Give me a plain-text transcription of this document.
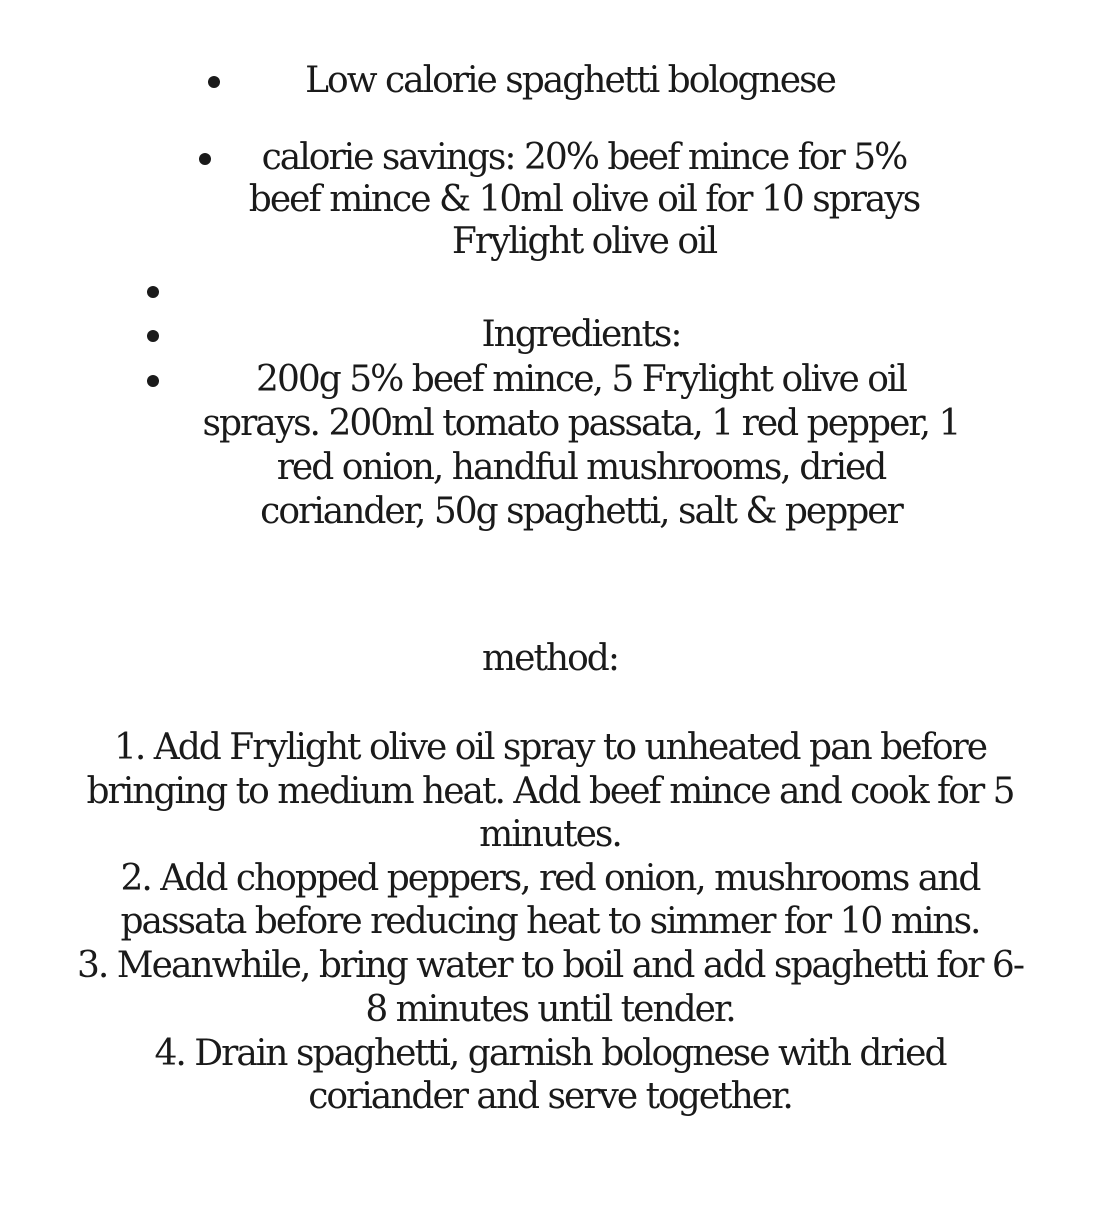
Low calorie spaghetti bolognese
calorie savings: 20% beef mince for 5%
beef mince & 10ml olive oil for 10 sprays
Frylight olive oil
Ingredients:
200g 5% beef mince, 5 Frylight olive oil
sprays. 200ml tomato passata, 1 red pepper, 1
red onion, handful mushrooms, dried
coriander, 50g spaghetti, salt & pepper
method:
1. Add Frylight olive oil spray to unheated pan before
bringing to medium heat. Add beef mince and cook for 5
minutes.
2. Add chopped peppers, red onion, mushrooms and
passata before reducing heat to simmer for 10 mins.
3. Meanwhile, bring water to boil and add spaghetti for 6-
8 minutes until tender.
4. Drain spaghetti, garnish bolognese with dried
coriander and serve together.
